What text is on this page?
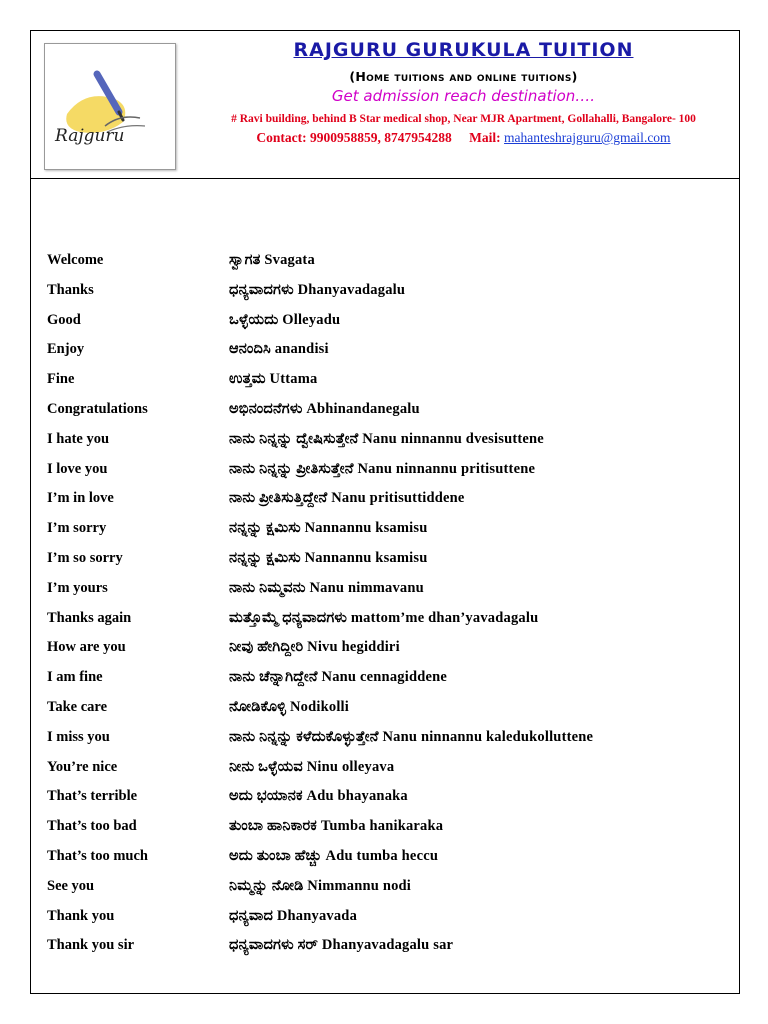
Rajguru
RAJGURU GURUKULA TUITION
(Home tuitions and online tuitions)
Get admission reach destination….
# Ravi building, behind B Star medical shop, Near MJR Apartment, Gollahalli, Bangalore- 100
Contact: 9900958859, 8747954288 Mail: mahanteshrajguru@gmail.com
Welcome	ಸ್ವಾಗತ Svagata
Thanks	ಧನ್ಯವಾದಗಳು Dhanyavadagalu
Good	ಒಳ್ಳೆಯದು Olleyadu
Enjoy	ಆನಂದಿಸಿ anandisi
Fine	ಉತ್ತಮ Uttama
Congratulations	ಅಭಿನಂದನೆಗಳು Abhinandanegalu
I hate you	ನಾನು ನಿನ್ನನ್ನು ದ್ವೇಷಿಸುತ್ತೇನೆ Nanu ninnannu dvesisuttene
I love you	ನಾನು ನಿನ್ನನ್ನು ಪ್ರೀತಿಸುತ್ತೇನೆ Nanu ninnannu pritisuttene
I’m in love	ನಾನು ಪ್ರೀತಿಸುತ್ತಿದ್ದೇನೆ Nanu pritisuttiddene
I’m sorry	ನನ್ನನ್ನು ಕ್ಷಮಿಸು Nannannu ksamisu
I’m so sorry	ನನ್ನನ್ನು ಕ್ಷಮಿಸು Nannannu ksamisu
I’m yours	ನಾನು ನಿಮ್ಮವನು Nanu nimmavanu
Thanks again	ಮತ್ತೊಮ್ಮೆ ಧನ್ಯವಾದಗಳು mattom’me dhan’yavadagalu
How are you	ನೀವು ಹೇಗಿದ್ದೀರಿ Nivu hegiddiri
I am fine	ನಾನು ಚೆನ್ನಾಗಿದ್ದೇನೆ Nanu cennagiddene
Take care	ನೋಡಿಕೊಳ್ಳಿ Nodikolli
I miss you	ನಾನು ನಿನ್ನನ್ನು ಕಳೆದುಕೊಳ್ಳುತ್ತೇನೆ Nanu ninnannu kaledukolluttene
You’re nice	ನೀನು ಒಳ್ಳೆಯವ Ninu olleyava
That’s terrible	ಅದು ಭಯಾನಕ Adu bhayanaka
That’s too bad	ತುಂಬಾ ಹಾನಿಕಾರಕ Tumba hanikaraka
That’s too much	ಅದು ತುಂಬಾ ಹೆಚ್ಚು Adu tumba heccu
See you	ನಿಮ್ಮನ್ನು ನೋಡಿ Nimmannu nodi
Thank you	ಧನ್ಯವಾದ Dhanyavada
Thank you sir	ಧನ್ಯವಾದಗಳು ಸರ್ Dhanyavadagalu sar
